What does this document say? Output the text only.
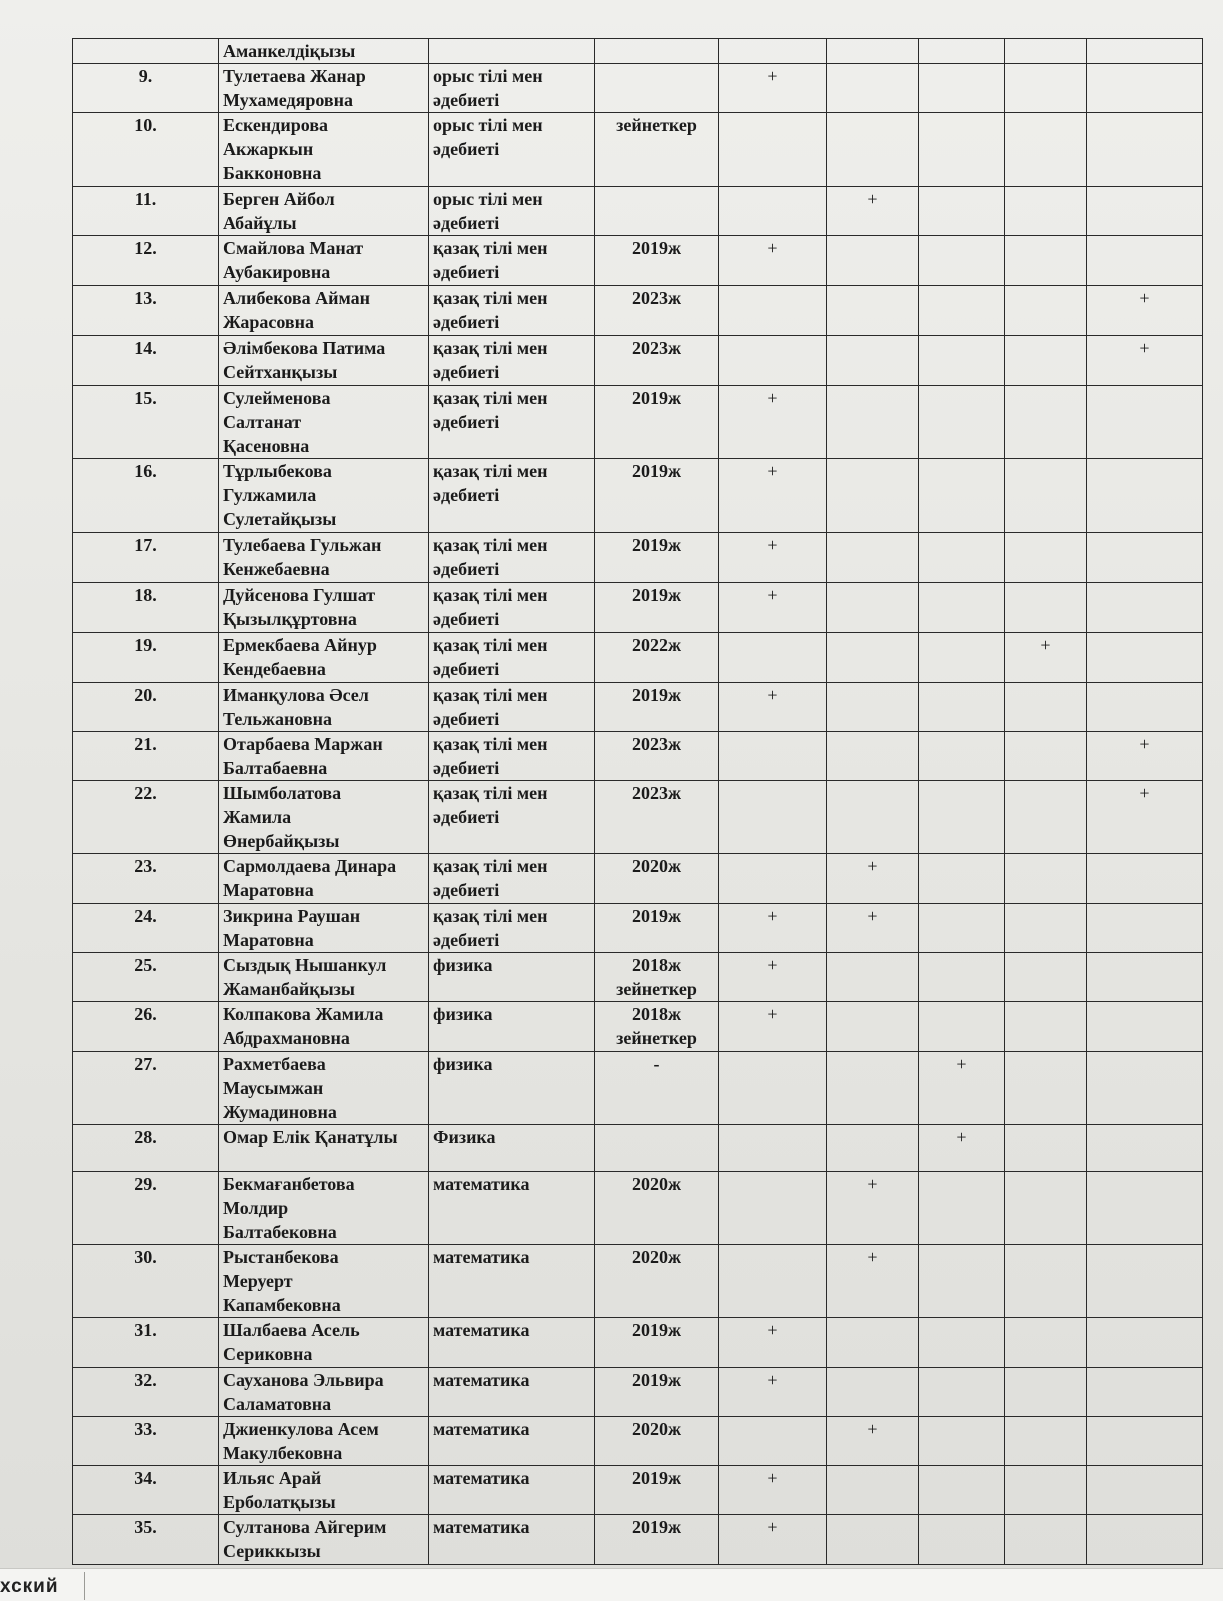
	Аманкелдіқызы							
9.	Тулетаева Жанар
Мухамедяровна	орыс тілі мен
әдебиеті		+				
10.	Ескендирова
Акжаркын
Бакконовна	орыс тілі мен
әдебиеті	зейнеткер					
11.	Берген Айбол
Абайұлы	орыс тілі мен
әдебиеті			+			
12.	Смайлова Манат
Аубакировна	қазақ тілі мен
әдебиеті	2019ж	+				
13.	Алибекова Айман
Жарасовна	қазақ тілі мен
әдебиеті	2023ж					+
14.	Әлімбекова Патима
Сейтханқызы	қазақ тілі мен
әдебиеті	2023ж					+
15.	Сулейменова
Салтанат
Қасеновна	қазақ тілі мен
әдебиеті	2019ж	+				
16.	Тұрлыбекова
Гулжамила
Сулетайқызы	қазақ тілі мен
әдебиеті	2019ж	+				
17.	Тулебаева Гульжан
Кенжебаевна	қазақ тілі мен
әдебиеті	2019ж	+				
18.	Дуйсенова Гулшат
Қызылқұртовна	қазақ тілі мен
әдебиеті	2019ж	+				
19.	Ермекбаева Айнур
Кендебаевна	қазақ тілі мен
әдебиеті	2022ж				+	
20.	Иманқулова Әсел
Тельжановна	қазақ тілі мен
әдебиеті	2019ж	+				
21.	Отарбаева Маржан
Балтабаевна	қазақ тілі мен
әдебиеті	2023ж					+
22.	Шымболатова
Жамила
Өнербайқызы	қазақ тілі мен
әдебиеті	2023ж					+
23.	Сармолдаева Динара
Маратовна	қазақ тілі мен
әдебиеті	2020ж		+			
24.	Зикрина Раушан
Маратовна	қазақ тілі мен
әдебиеті	2019ж	+	+			
25.	Сыздық Нышанкул
Жаманбайқызы	физика	2018ж
зейнеткер	+				
26.	Колпакова Жамила
Абдрахмановна	физика	2018ж
зейнеткер	+				
27.	Рахметбаева
Маусымжан
Жумадиновна	физика	-			+		
28.	Омар Елік Қанатұлы	Физика				+		
29.	Бекмағанбетова
Молдир
Балтабековна	математика	2020ж		+			
30.	Рыстанбекова
Меруерт
Капамбековна	математика	2020ж		+			
31.	Шалбаева Асель
Сериковна	математика	2019ж	+				
32.	Сауханова Эльвира
Саламатовна	математика	2019ж	+				
33.	Джиенкулова Асем
Макулбековна	математика	2020ж		+			
34.	Ильяс Арай
Ерболатқызы	математика	2019ж	+				
35.	Султанова Айгерим
Сериккызы	математика	2019ж	+				
хский
